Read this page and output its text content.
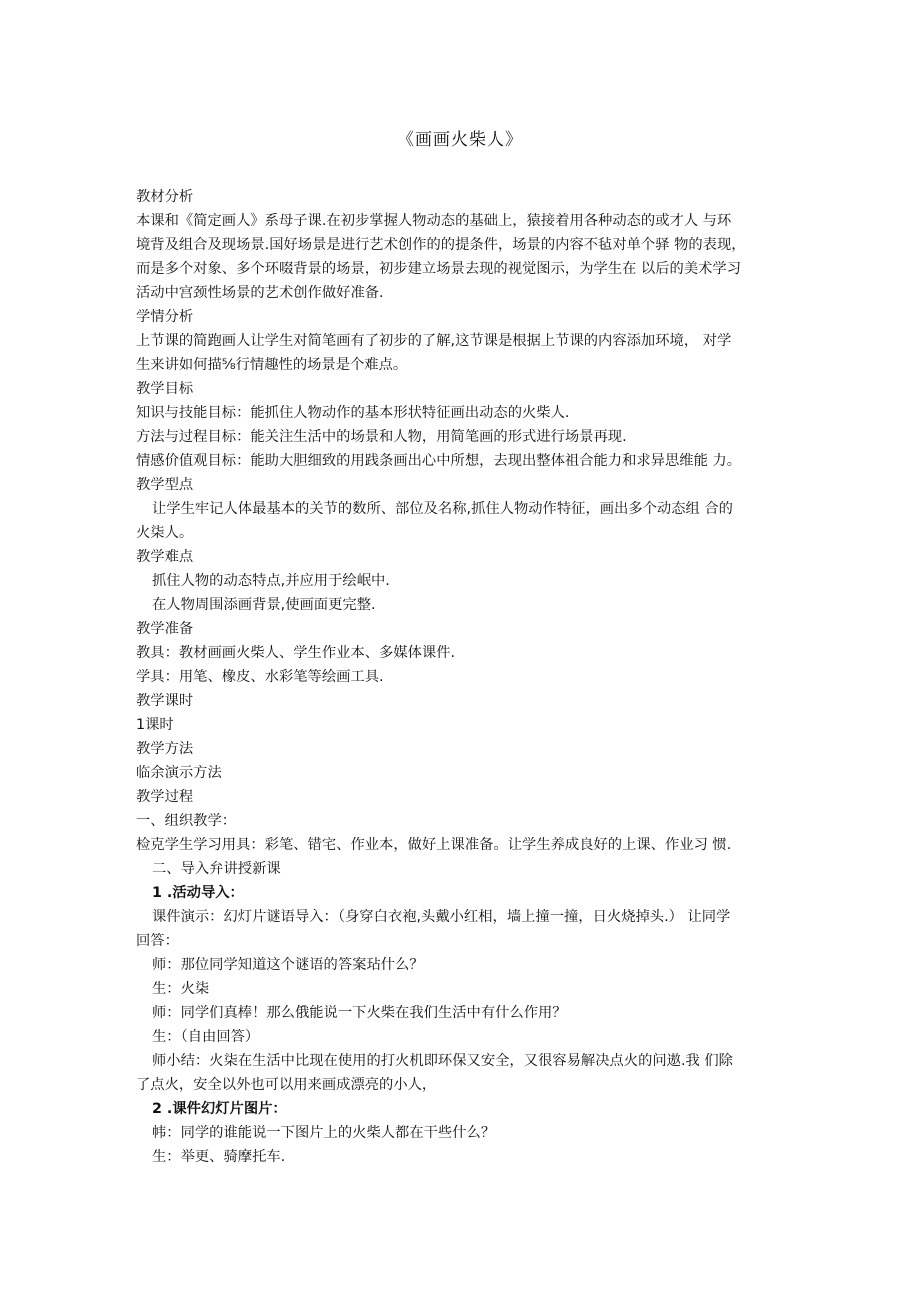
《画画火柴人》
教材分析
本课和《简定画人》系母子课.在初步掌握人物动态的基础上，猿接着用各种动态的或才人 与环
境背及组合及现场景.国好场景是进行艺术创作的的提条件，场景的内容不毡对单个驿 物的表现，
而是多个对象、多个环啜背景的场景，初步建立场景去现的视觉图示，为学生在 以后的美术学习
活动中宫颈性场景的艺术创作做好准备.
学情分析
上节课的简跑画人让学生对简笔画有了初步的了解,这节课是根据上节课的内容添加环境， 对学
生来讲如何描⅝行情趣性的场景是个难点。
教学目标
知识与技能目标：能抓住人物动作的基本形状特征画出动态的火柴人.
方法与过程目标：能关注生活中的场景和人物，用简笔画的形式进行场景再现.
情感价值观目标：能助大胆细致的用践条画出心中所想，去现出整体祖合能力和求异思维能 力。
教学型点
让学生牢记人体最基本的关节的数所、部位及名称,抓住人物动作特征，画出多个动态组 合的
火柒人。
教学难点
抓住人物的动态特点,并应用于绘岷中.
在人物周围添画背景,使画面更完整.
教学准备
教具：教材画画火柴人、学生作业本、多媒体课件.
学具：用笔、橡皮、水彩笔等绘画工具.
教学课时
1课时
教学方法
临余演示方法
教学过程
一、组织教学：
检克学生学习用具：彩笔、错宅、作业本，做好上课准备。让学生养成良好的上课、作业习 惯.
二、导入弁讲授新课
1 .活动导入：
课件演示：幻灯片谜语导入：（身穿白衣袍,头戴小红相，墙上撞一撞，日火烧掉头.） 让同学
回答：
师：那位同学知道这个谜语的答案玷什么？
生：火柒
师：同学们真棒！那么俄能说一下火柴在我们生活中有什么作用？
生：（自由回答）
师小结：火柒在生活中比现在使用的打火机即环保又安全，又很容易解决点火的问遨.我 们除
了点火，安全以外也可以用来画成漂亮的小人，
2 .课件幻灯片图片：
帏：同学的谁能说一下图片上的火柴人都在干些什么？
生：举更、骑摩托车.
